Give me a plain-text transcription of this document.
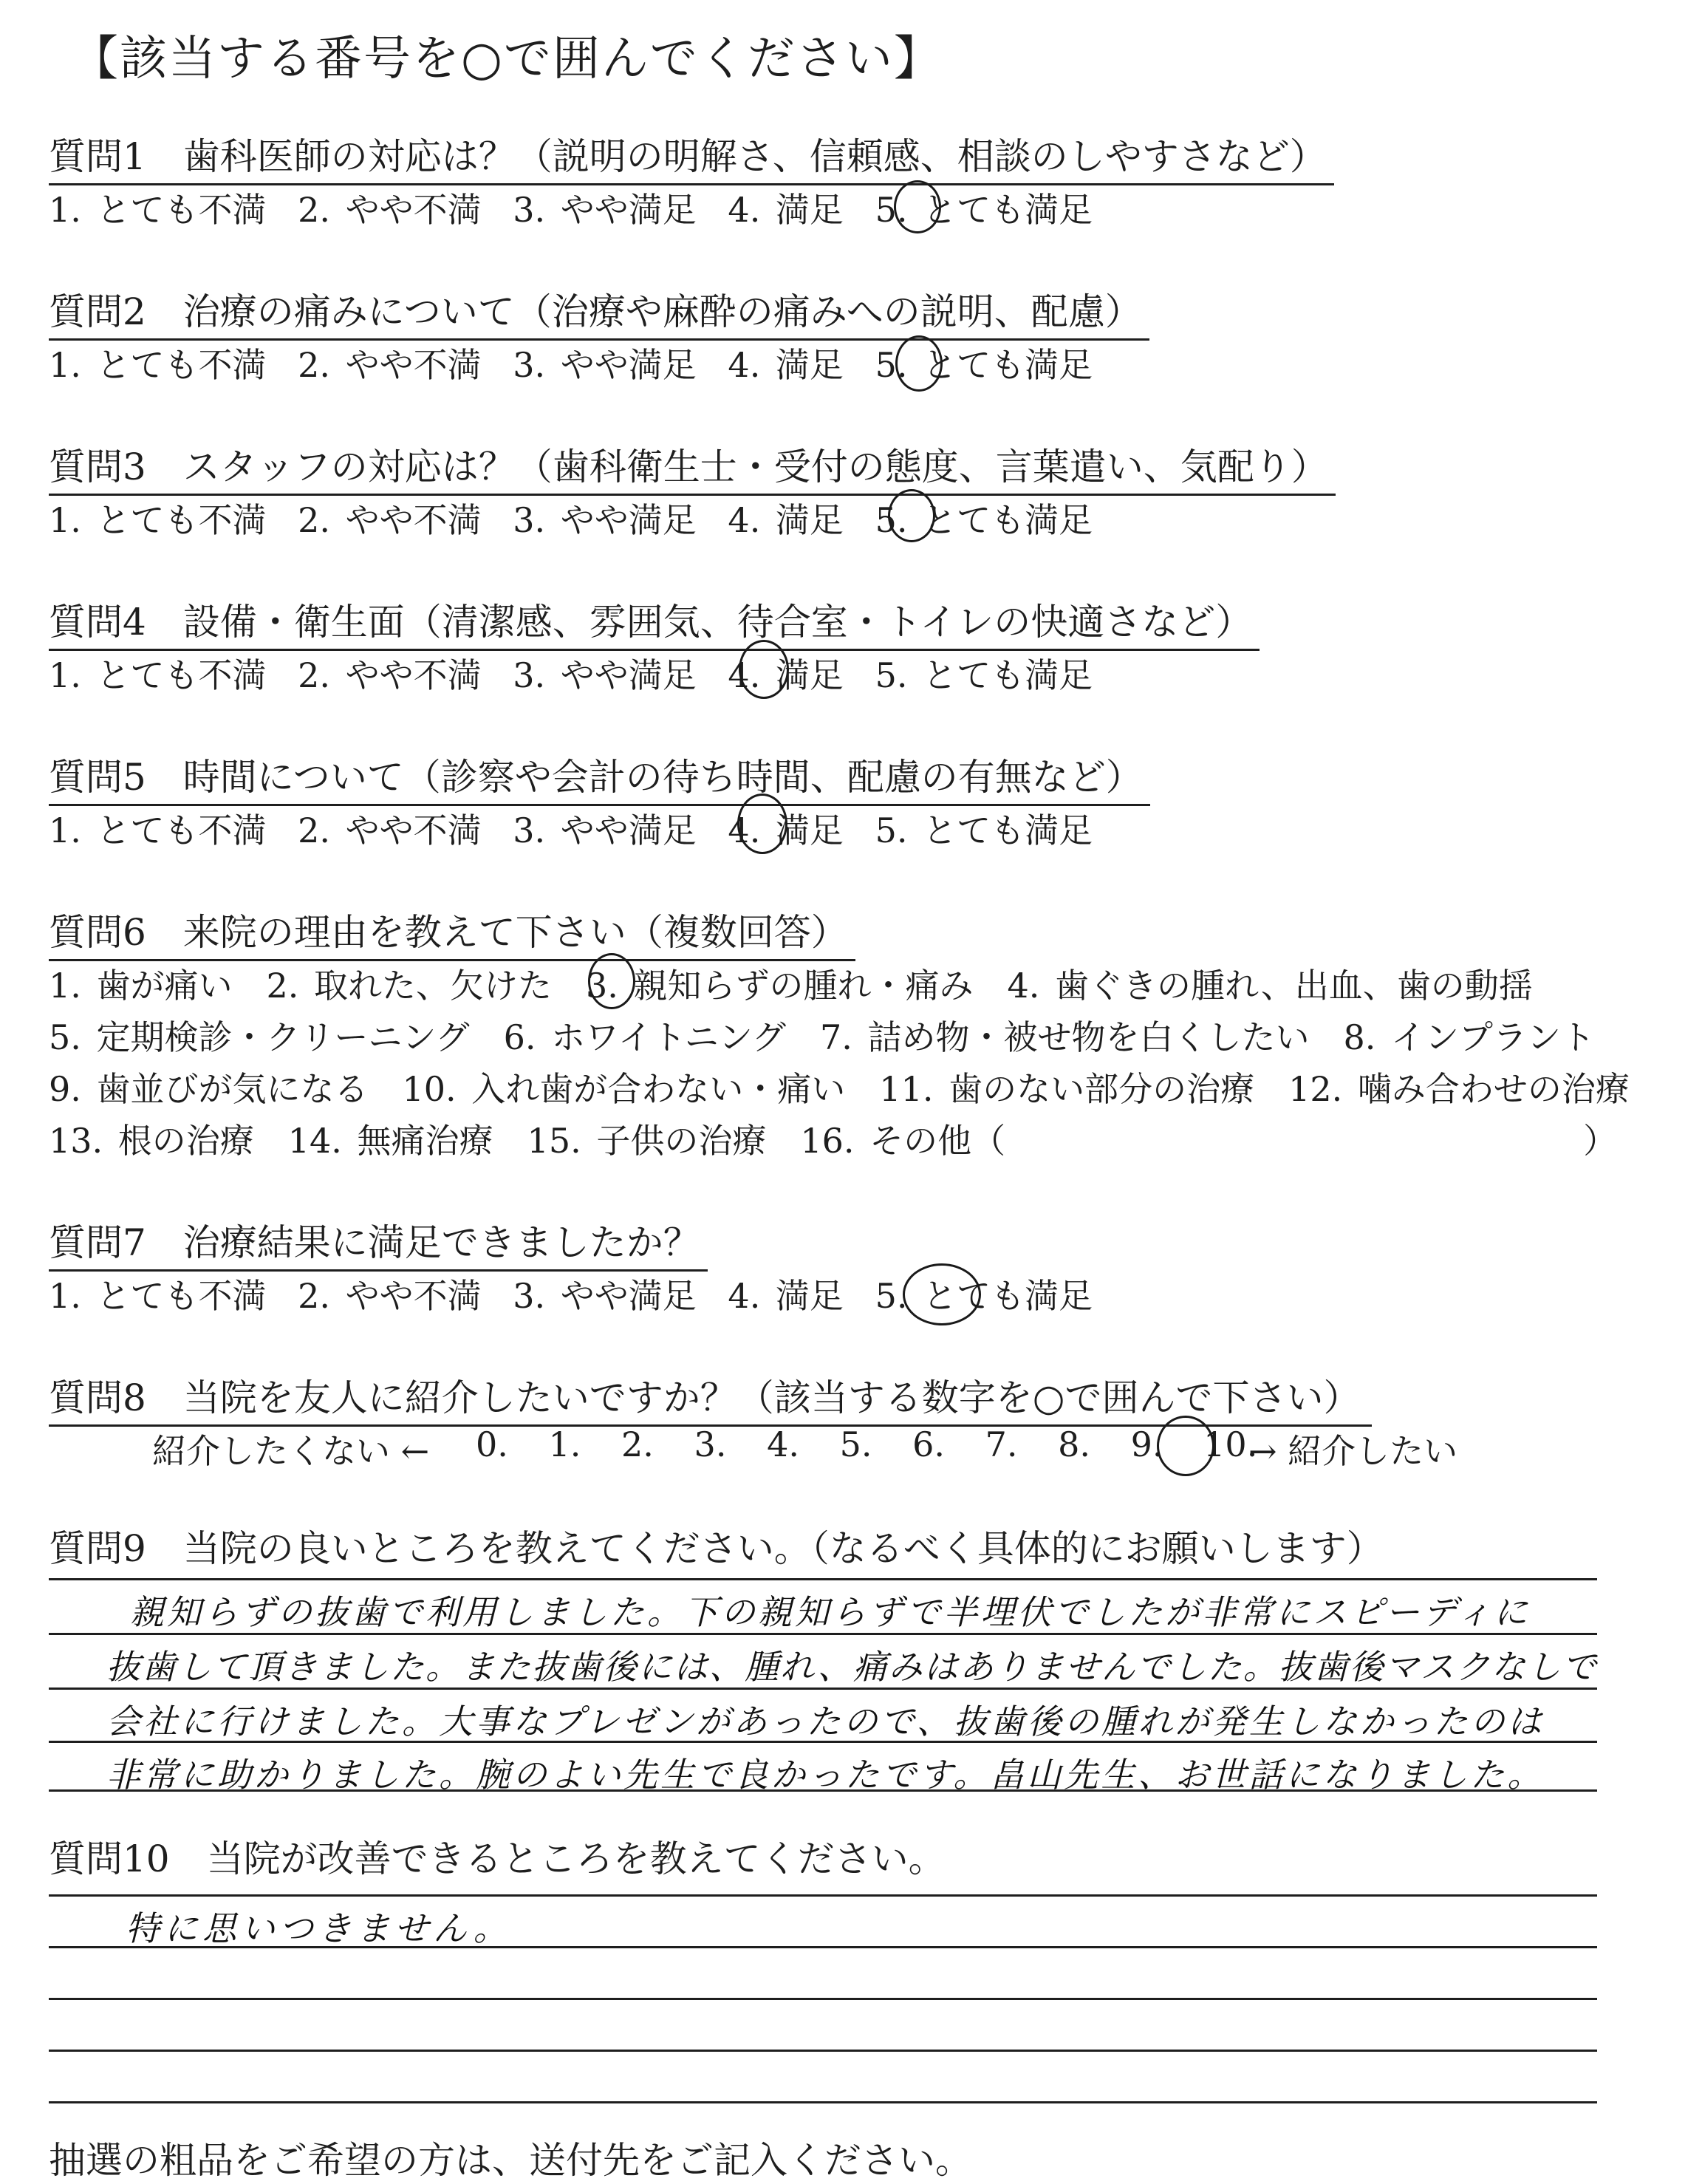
【該当する番号を○で囲んでください】
質問1　歯科医師の対応は？（説明の明解さ、信頼感、相談のしやすさなど）
1. とても不満 2. やや不満 3. やや満足 4. 満足 5. とても満足
質問2　治療の痛みについて（治療や麻酔の痛みへの説明、配慮）
1. とても不満 2. やや不満 3. やや満足 4. 満足 5. とても満足
質問3　スタッフの対応は？（歯科衛生士・受付の態度、言葉遣い、気配り）
1. とても不満 2. やや不満 3. やや満足 4. 満足 5. とても満足
質問4　設備・衛生面（清潔感、雰囲気、待合室・トイレの快適さなど）
1. とても不満 2. やや不満 3. やや満足 4. 満足 5. とても満足
質問5　時間について（診察や会計の待ち時間、配慮の有無など）
1. とても不満 2. やや不満 3. やや満足 4. 満足 5. とても満足
質問6　来院の理由を教えて下さい（複数回答）
1. 歯が痛い　2. 取れた、欠けた　3. 親知らずの腫れ・痛み　4. 歯ぐきの腫れ、出血、歯の動揺
5. 定期検診・クリーニング　6. ホワイトニング　7. 詰め物・被せ物を白くしたい　8. インプラント
9. 歯並びが気になる　10. 入れ歯が合わない・痛い　11. 歯のない部分の治療　12. 噛み合わせの治療
13. 根の治療　14. 無痛治療　15. 子供の治療　16. その他（　　　　　　　　　　　　　　　　　）
質問7　治療結果に満足できましたか？
1. とても不満 2. やや不満 3. やや満足 4. 満足 5. とても満足
質問8　当院を友人に紹介したいですか？（該当する数字を○で囲んで下さい）
紹介したくない ← 0. 1. 2. 3. 4. 5. 6. 7. 8. 9. 10.
→ 紹介したい
質問9　当院の良いところを教えてください。（なるべく具体的にお願いします）
親知らずの抜歯で利用しました。下の親知らずで半埋伏でしたが非常にスピーディに
抜歯して頂きました。また抜歯後には、腫れ、痛みはありませんでした。抜歯後マスクなしで
会社に行けました。大事なプレゼンがあったので、抜歯後の腫れが発生しなかったのは
非常に助かりました。腕のよい先生で良かったです。畠山先生、お世話になりました。
質問10　当院が改善できるところを教えてください。
特に思いつきません。
抽選の粗品をご希望の方は、送付先をご記入ください。
